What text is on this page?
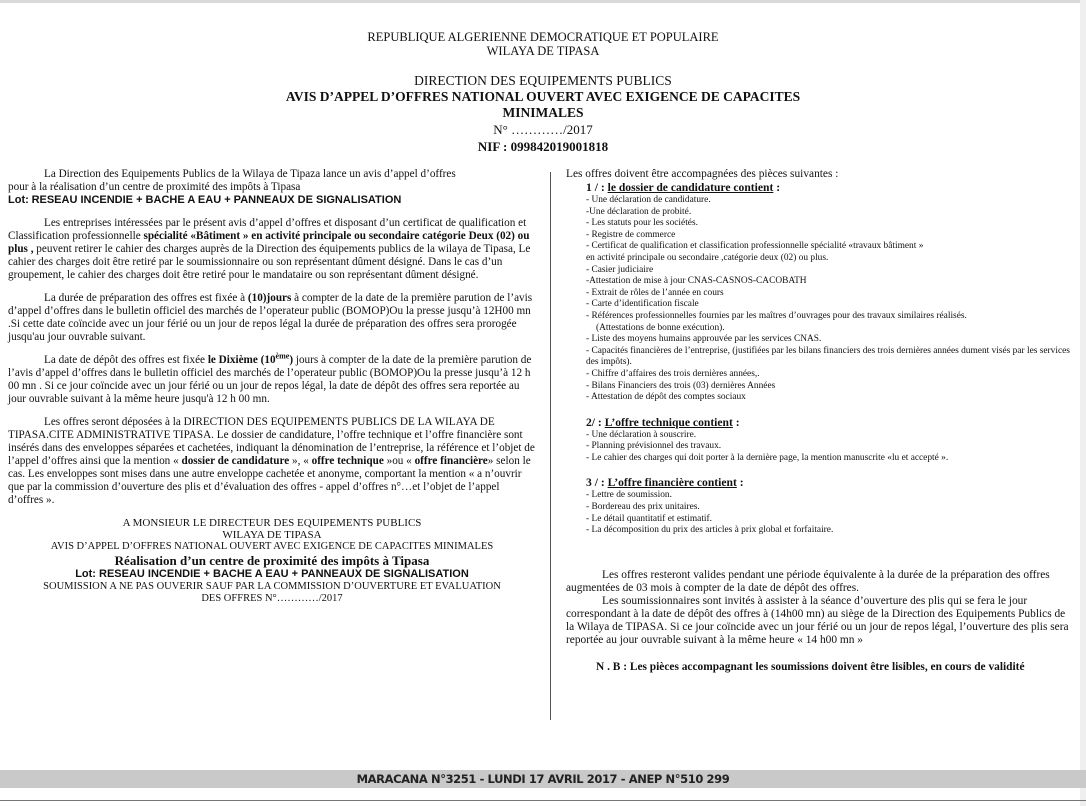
REPUBLIQUE ALGERIENNE DEMOCRATIQUE ET POPULAIRE
WILAYA DE TIPASA
DIRECTION DES EQUIPEMENTS PUBLICS
AVIS D’APPEL D’OFFRES NATIONAL OUVERT AVEC EXIGENCE DE CAPACITES
MINIMALES
N° …………/2017
NIF : 099842019001818
La Direction des Equipements Publics de la Wilaya de Tipaza lance un avis d’appel d’offres
pour à la réalisation d’un centre de proximité des impôts à Tipasa
Lot: RESEAU INCENDIE + BACHE A EAU + PANNEAUX DE SIGNALISATION
Les entreprises intéressées par le présent avis d’appel d’offres et disposant d’un certificat de qualification et Classification professionnelle spécialité «Bâtiment » en activité principale ou secondaire catégorie Deux (02) ou plus , peuvent retirer le cahier des charges auprès de la Direction des équipements publics de la wilaya de Tipasa, Le cahier des charges doit être retiré par le soumissionnaire ou son représentant dûment désigné. Dans le cas d’un groupement, le cahier des charges doit être retiré pour le mandataire ou son représentant dûment désigné.
La durée de préparation des offres est fixée à (10)jours à compter de la date de la première parution de l’avis d’appel d’offres dans le bulletin officiel des marchés de l’operateur public (BOMOP)Ou la presse jusqu’à 12H00 mn .Si cette date coïncide avec un jour férié ou un jour de repos légal la durée de préparation des offres sera prorogée jusqu'au jour ouvrable suivant.
La date de dépôt des offres est fixée le Dixième (10ème) jours à compter de la date de la première parution de l’avis d’appel d’offres dans le bulletin officiel des marchés de l’operateur public (BOMOP)Ou la presse jusqu’à 12 h 00 mn . Si ce jour coïncide avec un jour férié ou un jour de repos légal, la date de dépôt des offres sera reportée au jour ouvrable suivant à la même heure jusqu'à 12 h 00 mn.
Les offres seront déposées à la DIRECTION DES EQUIPEMENTS PUBLICS DE LA WILAYA DE TIPASA.CITE ADMINISTRATIVE TIPASA. Le dossier de candidature, l’offre technique et l’offre financière sont insérés dans des enveloppes séparées et cachetées, indiquant la dénomination de l’entreprise, la référence et l’objet de l’appel d’offres ainsi que la mention « dossier de candidature », « offre technique »ou « offre financière» selon le cas. Les enveloppes sont mises dans une autre enveloppe cachetée et anonyme, comportant la mention « a n’ouvrir que par la commission d’ouverture des plis et d’évaluation des offres - appel d’offres n°…et l’objet de l’appel d’offres ».
A MONSIEUR LE DIRECTEUR DES EQUIPEMENTS PUBLICS
WILAYA DE TIPASA
AVIS D’APPEL D’OFFRES NATIONAL OUVERT AVEC EXIGENCE DE CAPACITES MINIMALES
Réalisation d’un centre de proximité des impôts à Tipasa
Lot: RESEAU INCENDIE + BACHE A EAU + PANNEAUX DE SIGNALISATION
SOUMISSION A NE PAS OUVERIR SAUF PAR LA COMMISSION D’OUVERTURE ET EVALUATION
DES OFFRES N°…………/2017
Les offres doivent être accompagnées des pièces suivantes :
1 / : le dossier de candidature contient :
- Une déclaration de candidature.
-Une déclaration de probité.
- Les statuts pour les sociétés.
- Registre de commerce
- Certificat de qualification et classification professionnelle spécialité «travaux bâtiment »
en activité principale ou secondaire ,catégorie deux (02) ou plus.
- Casier judiciaire
-Attestation de mise à jour CNAS-CASNOS-CACOBATH
- Extrait de rôles de l’année en cours
- Carte d’identification fiscale
- Références professionnelles fournies par les maîtres d’ouvrages pour des travaux similaires réalisés.
(Attestations de bonne exécution).
- Liste des moyens humains approuvée par les services CNAS.
- Capacités financières de l’entreprise, (justifiées par les bilans financiers des trois dernières années dument visés par les services des impôts).
- Chiffre d’affaires des trois dernières années,.
- Bilans Financiers des trois (03) dernières Années
- Attestation de dépôt des comptes sociaux
2/ : L’offre technique contient :
- Une déclaration à souscrire.
- Planning prévisionnel des travaux.
- Le cahier des charges qui doit porter à la dernière page, la mention manuscrite «lu et accepté ».
3 / : L’offre financière contient :
- Lettre de soumission.
- Bordereau des prix unitaires.
- Le détail quantitatif et estimatif.
- La décomposition du prix des articles à prix global et forfaitaire.
Les offres resteront valides pendant une période équivalente à la durée de la préparation des offres augmentées de 03 mois à compter de la date de dépôt des offres.
Les soumissionnaires sont invités à assister à la séance d’ouverture des plis qui se fera le jour correspondant à la date de dépôt des offres à (14h00 mn) au siège de la Direction des Equipements Publics de la Wilaya de TIPASA. Si ce jour coïncide avec un jour férié ou un jour de repos légal, l’ouverture des plis sera reportée au jour ouvrable suivant à la même heure « 14 h00 mn »
N . B : Les pièces accompagnant les soumissions doivent être lisibles, en cours de validité
MARACANA N°3251 - LUNDI 17 AVRIL 2017 - ANEP N°510 299
